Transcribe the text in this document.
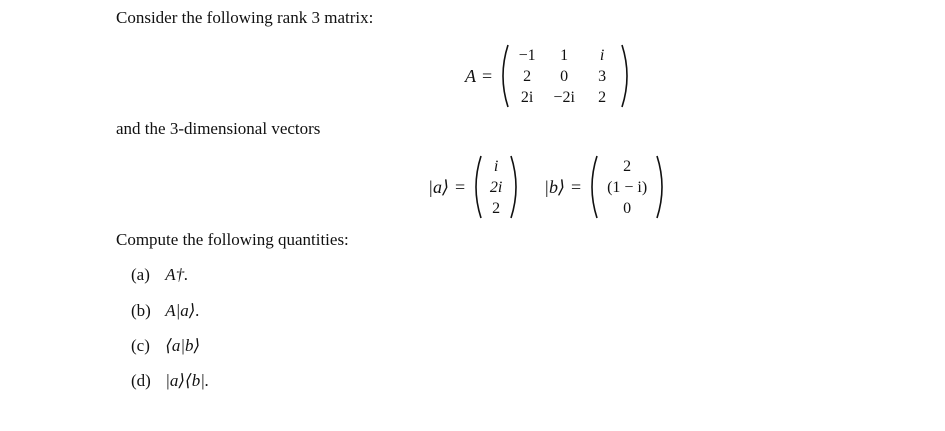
Consider the following rank 3 matrix:
A =
−1	1	i
2	0	3
2i	−2i	2
and the 3-dimensional vectors
|a⟩ =
i
2i
2
|b⟩ =
2
(1 − i)
0
Compute the following quantities:
(a) A†.
(b) A|a⟩.
(c) ⟨a|b⟩
(d) |a⟩⟨b|.
